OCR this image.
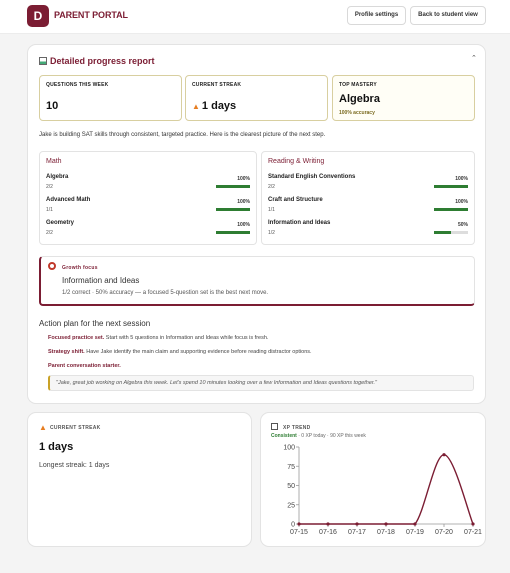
D	PARENT PORTAL	Profile settings	Back to student view
Detailed progress report	⌃
QUESTIONS THIS WEEK
10
CURRENT STREAK
▲ 1 days
TOP MASTERY
Algebra
100% accuracy
Jake is building SAT skills through consistent, targeted practice. Here is the clearest picture of the next step.
Math
Algebra
2/2
100%
Advanced Math
1/1
100%
Geometry
2/2
100%
Reading & Writing
Standard English Conventions
2/2
100%
Craft and Structure
1/1
100%
Information and Ideas
1/2
50%
Growth focus
Information and Ideas
1/2 correct · 50% accuracy — a focused 5-question set is the best next move.
Action plan for the next session
Focused practice set. Start with 5 questions in Information and Ideas while focus is fresh.
Strategy shift. Have Jake identify the main claim and supporting evidence before reading distractor options.
Parent conversation starter.
"Jake, great job working on Algebra this week. Let's spend 10 minutes looking over a few Information and Ideas questions together."
▲ CURRENT STREAK
1 days
Longest streak: 1 days
XP TREND
Consistent · 0 XP today · 90 XP this week
0
25
50
75
100
07-15 07-16 07-17 07-18 07-19 07-20 07-21
